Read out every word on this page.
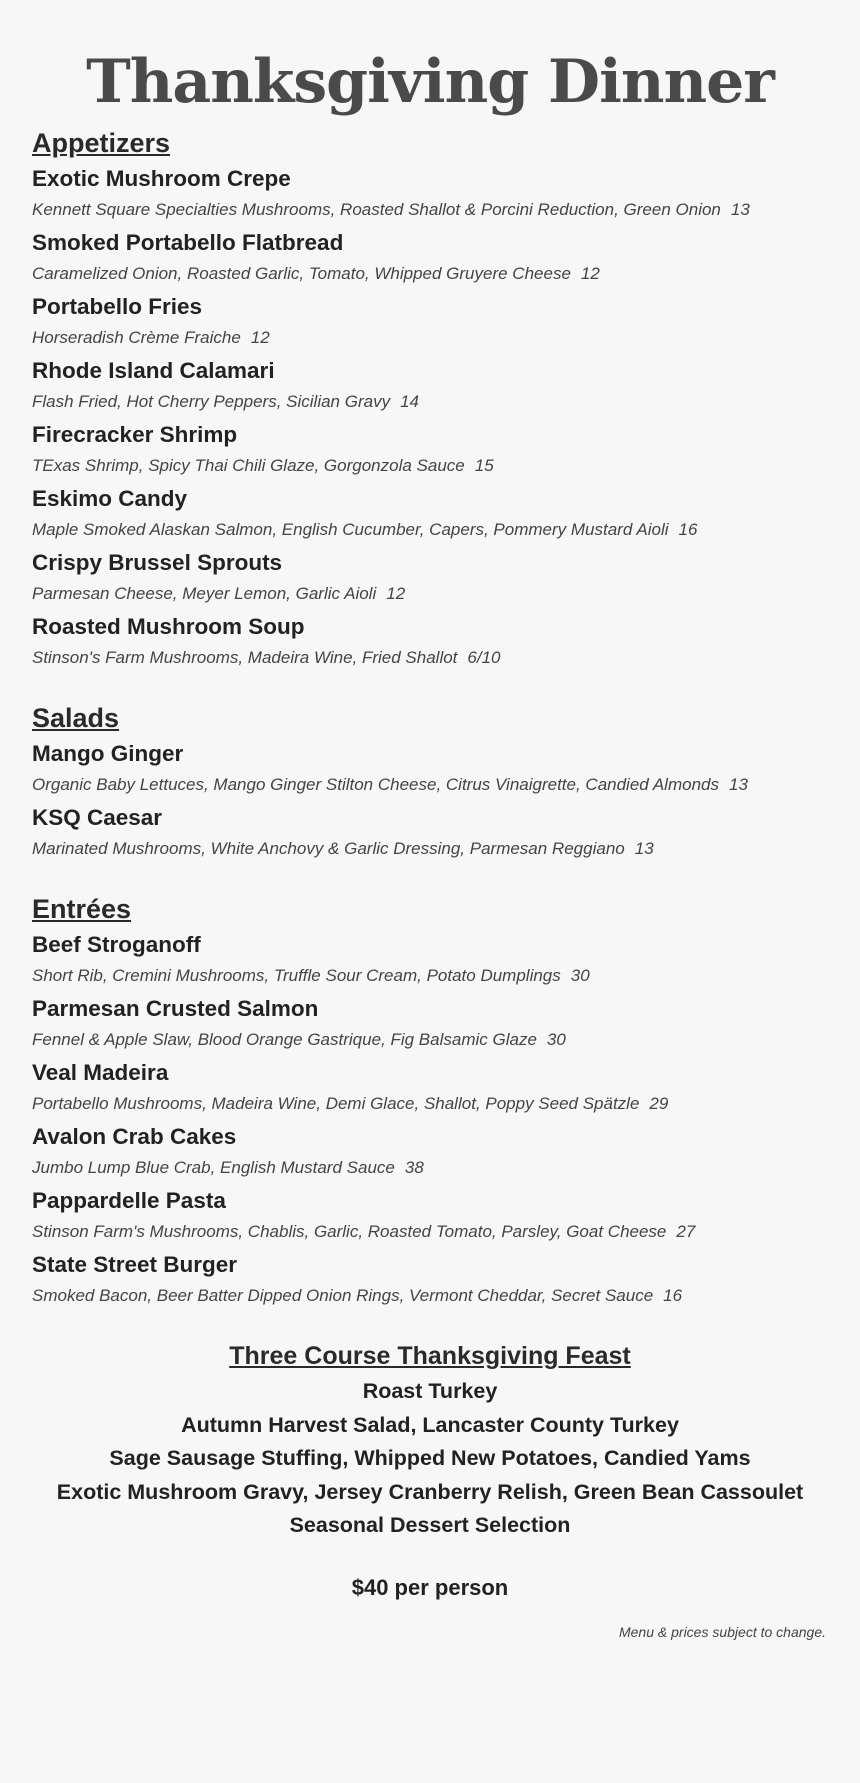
Thanksgiving Dinner
Appetizers
Exotic Mushroom Crepe
Kennett Square Specialties Mushrooms, Roasted Shallot & Porcini Reduction, Green Onion 13
Smoked Portabello Flatbread
Caramelized Onion, Roasted Garlic, Tomato, Whipped Gruyere Cheese 12
Portabello Fries
Horseradish Crème Fraiche 12
Rhode Island Calamari
Flash Fried, Hot Cherry Peppers, Sicilian Gravy 14
Firecracker Shrimp
TExas Shrimp, Spicy Thai Chili Glaze, Gorgonzola Sauce 15
Eskimo Candy
Maple Smoked Alaskan Salmon, English Cucumber, Capers, Pommery Mustard Aioli 16
Crispy Brussel Sprouts
Parmesan Cheese, Meyer Lemon, Garlic Aioli 12
Roasted Mushroom Soup
Stinson's Farm Mushrooms, Madeira Wine, Fried Shallot 6/10
Salads
Mango Ginger
Organic Baby Lettuces, Mango Ginger Stilton Cheese, Citrus Vinaigrette, Candied Almonds 13
KSQ Caesar
Marinated Mushrooms, White Anchovy & Garlic Dressing, Parmesan Reggiano 13
Entrées
Beef Stroganoff
Short Rib, Cremini Mushrooms, Truffle Sour Cream, Potato Dumplings 30
Parmesan Crusted Salmon
Fennel & Apple Slaw, Blood Orange Gastrique, Fig Balsamic Glaze 30
Veal Madeira
Portabello Mushrooms, Madeira Wine, Demi Glace, Shallot, Poppy Seed Spätzle 29
Avalon Crab Cakes
Jumbo Lump Blue Crab, English Mustard Sauce 38
Pappardelle Pasta
Stinson Farm's Mushrooms, Chablis, Garlic, Roasted Tomato, Parsley, Goat Cheese 27
State Street Burger
Smoked Bacon, Beer Batter Dipped Onion Rings, Vermont Cheddar, Secret Sauce 16
Three Course Thanksgiving Feast
Roast Turkey
Autumn Harvest Salad, Lancaster County Turkey
Sage Sausage Stuffing, Whipped New Potatoes, Candied Yams
Exotic Mushroom Gravy, Jersey Cranberry Relish, Green Bean Cassoulet
Seasonal Dessert Selection
$40 per person
Menu & prices subject to change.
